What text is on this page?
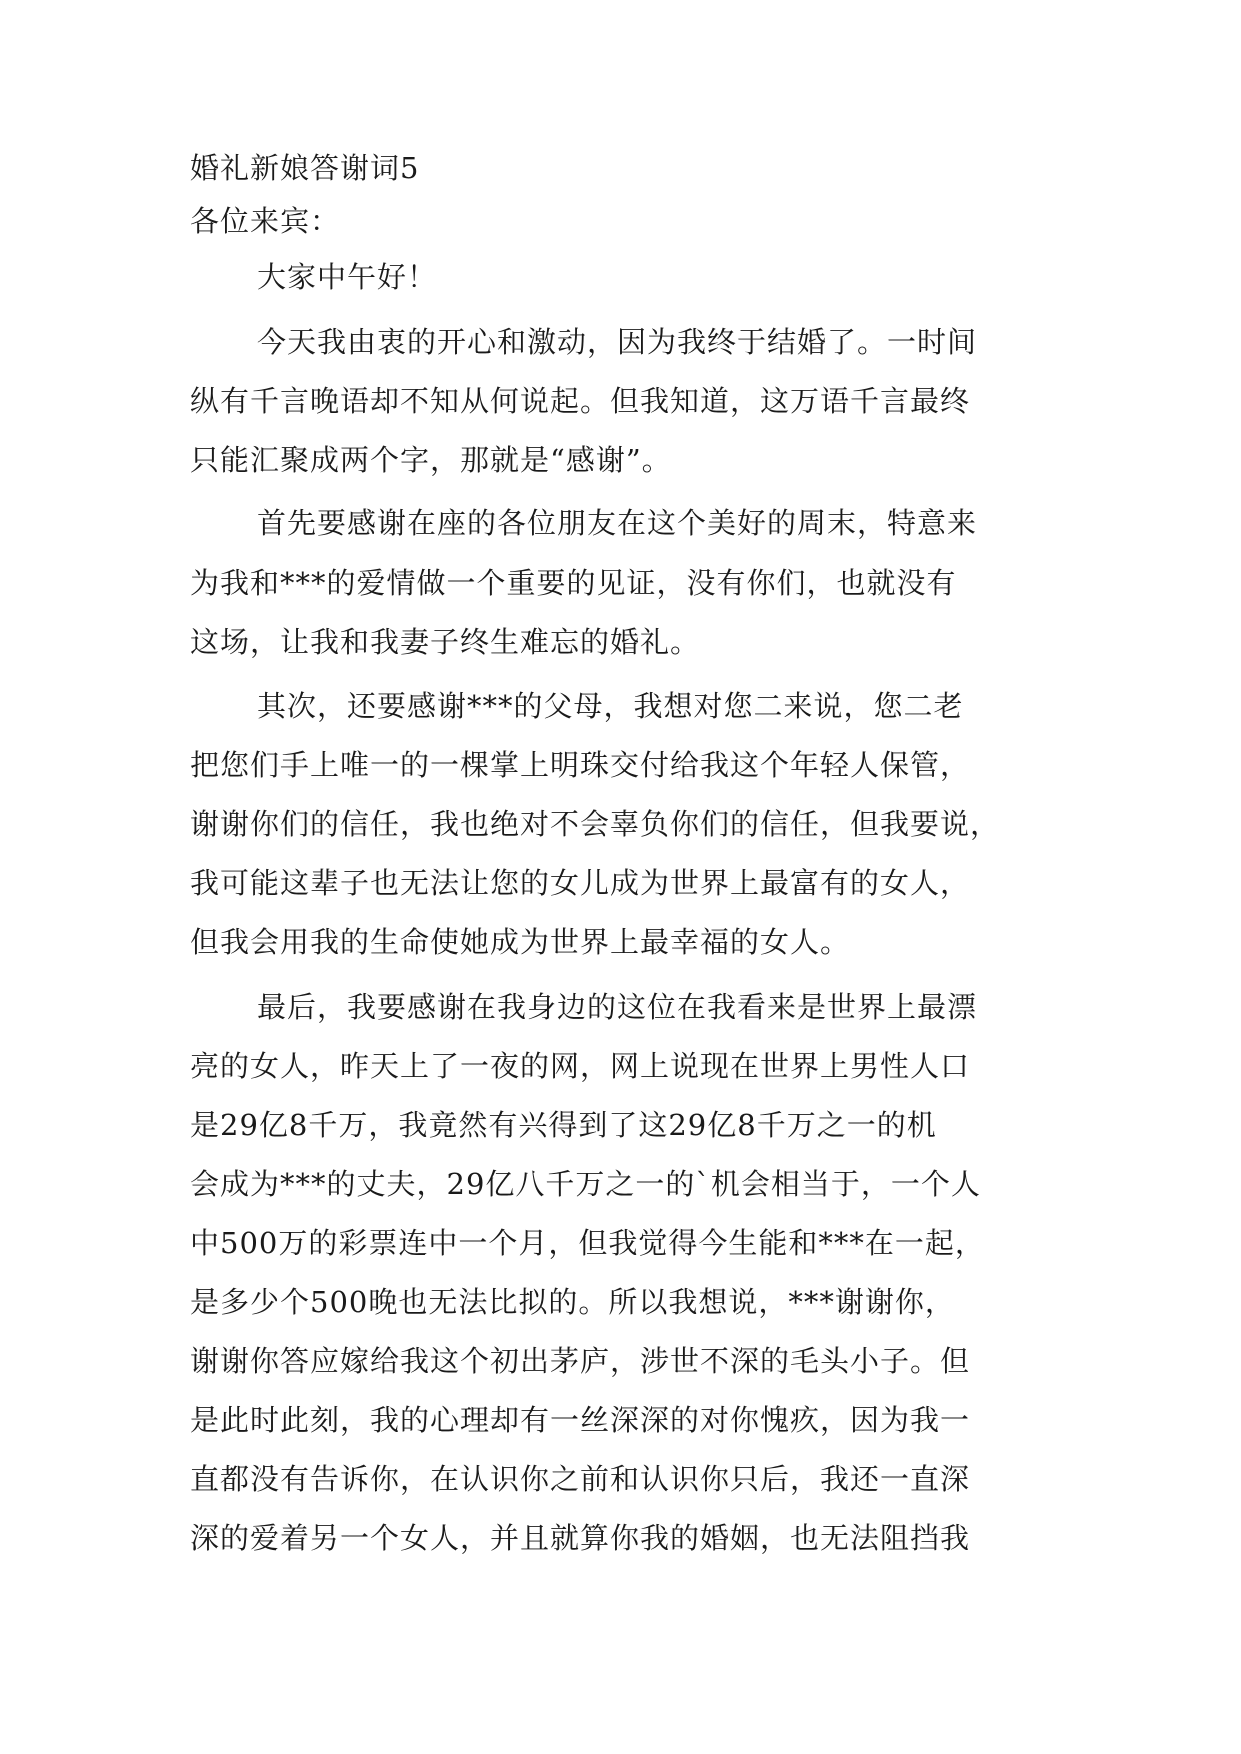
婚礼新娘答谢词5
各位来宾：
大家中午好！
今天我由衷的开心和激动，因为我终于结婚了。一时间
纵有千言晚语却不知从何说起。但我知道，这万语千言最终
只能汇聚成两个字，那就是“感谢”。
首先要感谢在座的各位朋友在这个美好的周末，特意来
为我和***的爱情做一个重要的见证，没有你们，也就没有
这场，让我和我妻子终生难忘的婚礼。
其次，还要感谢***的父母，我想对您二来说，您二老
把您们手上唯一的一棵掌上明珠交付给我这个年轻人保管，
谢谢你们的信任，我也绝对不会辜负你们的信任，但我要说，
我可能这辈子也无法让您的女儿成为世界上最富有的女人，
但我会用我的生命使她成为世界上最幸福的女人。
最后，我要感谢在我身边的这位在我看来是世界上最漂
亮的女人，昨天上了一夜的网，网上说现在世界上男性人口
是29亿8千万，我竟然有兴得到了这29亿8千万之一的机
会成为***的丈夫，29亿八千万之一的`机会相当于，一个人
中500万的彩票连中一个月，但我觉得今生能和***在一起，
是多少个500晚也无法比拟的。所以我想说，***谢谢你，
谢谢你答应嫁给我这个初出茅庐，涉世不深的毛头小子。但
是此时此刻，我的心理却有一丝深深的对你愧疚，因为我一
直都没有告诉你，在认识你之前和认识你只后，我还一直深
深的爱着另一个女人，并且就算你我的婚姻，也无法阻挡我
